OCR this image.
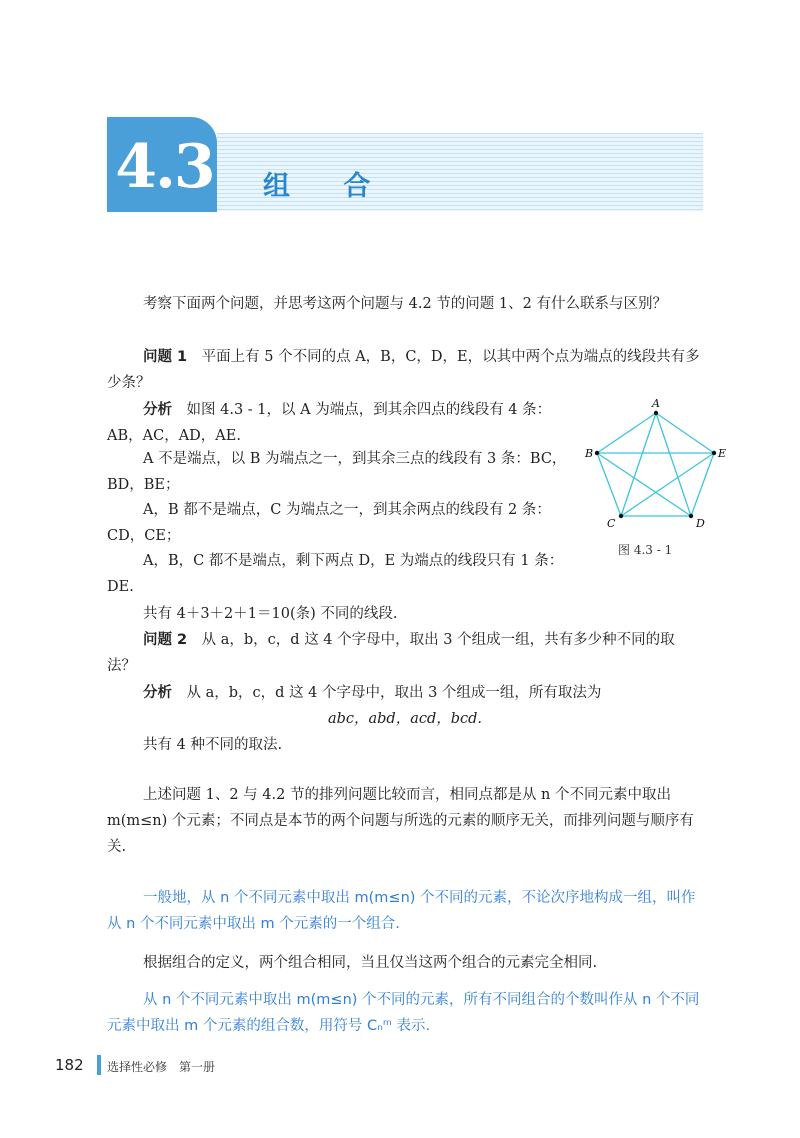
4.3 组 合

考察下面两个问题，并思考这两个问题与 4.2 节的问题 1、2 有什么联系与区别？

问题 1　 平面上有 5 个不同的点 A，B，C，D，E，以其中两个点为端点的线段共有多少条？

分析　 如图 4.3 - 1，以 A 为端点，到其余四点的线段有 4 条：AB，AC，AD，AE.

A 不是端点，以 B 为端点之一，到其余三点的线段有 3 条：BC，BD，BE；

A，B 都不是端点，C 为端点之一，到其余两点的线段有 2 条：CD，CE；

A，B，C 都不是端点，剩下两点 D，E 为端点的线段只有 1 条：DE.

共有 4＋3＋2＋1＝10(条) 不同的线段.

A
B	E
C	D
图 4.3 - 1

问题 2　 从 a，b，c，d 这 4 个字母中，取出 3 个组成一组，共有多少种不同的取法？

分析　 从 a，b，c，d 这 4 个字母中，取出 3 个组成一组，所有取法为

abc，abd，acd，bcd.

共有 4 种不同的取法.

上述问题 1、2 与 4.2 节的排列问题比较而言，相同点都是从 n 个不同元素中取出 m(m≤n) 个元素；不同点是本节的两个问题与所选的元素的顺序无关，而排列问题与顺序有关.

一般地，从 n 个不同元素中取出 m(m≤n) 个不同的元素，不论次序地构成一组，叫作从 n 个不同元素中取出 m 个元素的一个组合.

根据组合的定义，两个组合相同，当且仅当这两个组合的元素完全相同.

从 n 个不同元素中取出 m(m≤n) 个不同的元素，所有不同组合的个数叫作从 n 个不同元素中取出 m 个元素的组合数，用符号 Cₙᵐ 表示.

182 选择性必修　第一册
